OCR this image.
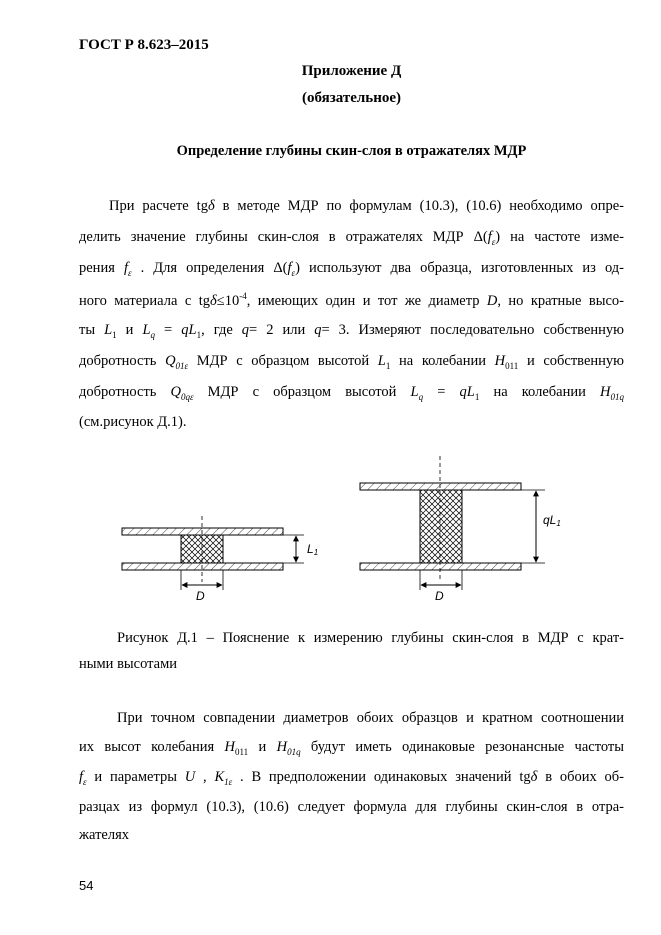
ГОСТ Р 8.623–2015
Приложение Д
(обязательное)
Определение глубины скин-слоя в отражателях МДР
При расчете tgδ в методе МДР по формулам (10.3), (10.6) необходимо опре-
делить значение глубины скин-слоя в отражателях МДР $\Delta(f_\varepsilon)$ на частоте изме-
рения $f_\varepsilon$ . Для определения $\Delta(f_\varepsilon)$ используют два образца, изготовленных из од-
ного материала с $tg\delta\le 10^{-4}$, имеющих один и тот же диаметр D, но кратные высо-
ты $L_1$ и $L_q = qL_1$, где q= 2 или q= 3. Измеряют последовательно собственную
добротность $Q_{01\varepsilon}$ МДР с образцом высотой $L_1$ на колебании $H_{011}$ и собственную
добротность $Q_{0q\varepsilon}$ МДР с образцом высотой $L_q = qL_1$ на колебании $H_{01q}$
(см.рисунок Д.1).
L1
D
qL1
D
Рисунок Д.1 – Пояснение к измерению глубины скин-слоя в МДР с крат-
ными высотами
При точном совпадении диаметров обоих образцов и кратном соотношении
их высот колебания $H_{011}$ и $H_{01q}$ будут иметь одинаковые резонансные частоты
$f_\varepsilon$ и параметры U , $K_{1\varepsilon}$ . В предположении одинаковых значений tgδ в обоих об-
разцах из формул (10.3), (10.6) следует формула для глубины скин-слоя в отра-
жателях
54
